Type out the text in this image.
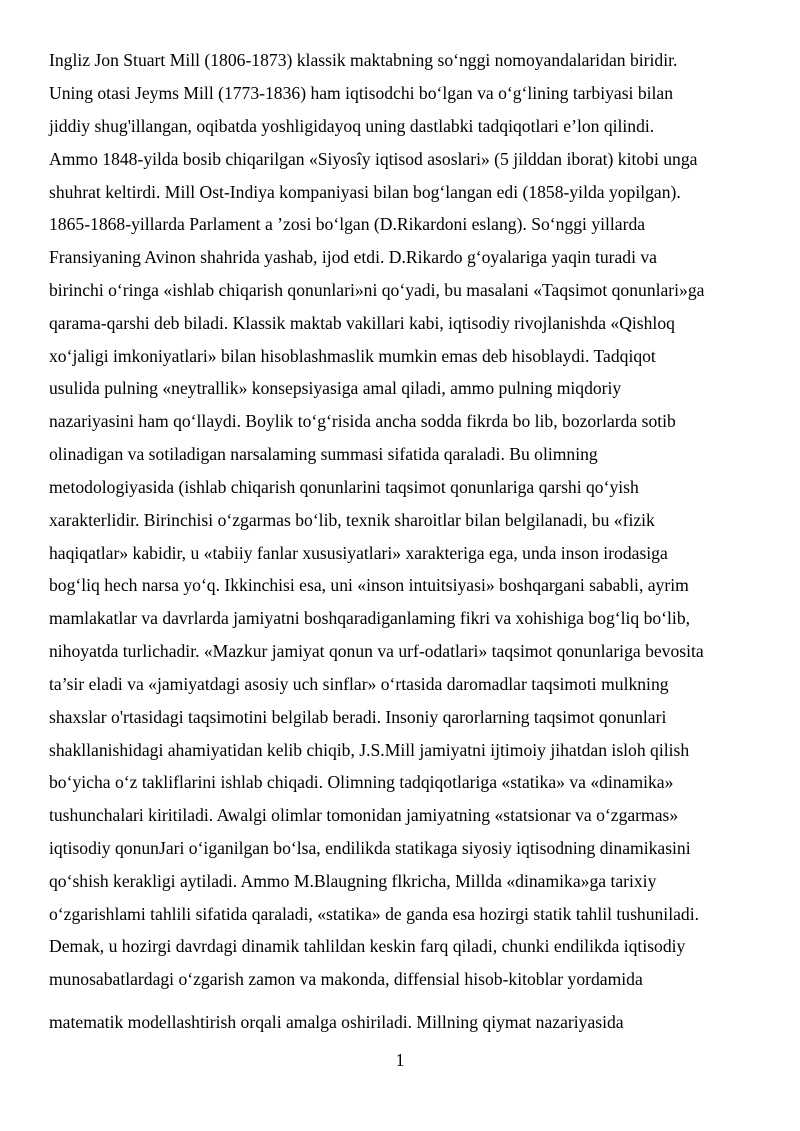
Ingliz Jon Stuart Mill (1806-1873) klassik maktabning so‘nggi nomoyandalaridan biridir.
Uning otasi Jeyms Mill (1773-1836) ham iqtisodchi bo‘lgan va o‘g‘lining tarbiyasi bilan
jiddiy shug'illangan, oqibatda yoshligidayoq uning dastlabki tadqiqotlari e’lon qilindi.
Ammo 1848-yilda bosib chiqarilgan «Siyosîy iqtisod asoslari» (5 jilddan iborat) kitobi unga
shuhrat keltirdi. Mill Ost-Indiya kompaniyasi bilan bog‘langan edi (1858-yilda yopilgan).
1865-1868-yillarda Parlament a ’zosi bo‘lgan (D.Rikardoni eslang). So‘nggi yillarda
Fransiyaning Avinon shahrida yashab, ijod etdi. D.Rikardo g‘oyalariga yaqin turadi va
birinchi o‘ringa «ishlab chiqarish qonunlari»ni qo‘yadi, bu masalani «Taqsimot qonunlari»ga
qarama-qarshi deb biladi. Klassik maktab vakillari kabi, iqtisodiy rivojlanishda «Qishloq
xo‘jaligi imkoniyatlari» bilan hisoblashmaslik mumkin emas deb hisoblaydi. Tadqiqot
usulida pulning «neytrallik» konsepsiyasiga amal qiladi, ammo pulning miqdoriy
nazariyasini ham qo‘llaydi. Boylik to‘g‘risida ancha sodda fikrda bo lib, bozorlarda sotib
olinadigan va sotiladigan narsalaming summasi sifatida qaraladi. Bu olimning
metodologiyasida (ishlab chiqarish qonunlarini taqsimot qonunlariga qarshi qo‘yish
xarakterlidir. Birinchisi o‘zgarmas bo‘lib, texnik sharoitlar bilan belgilanadi, bu «fizik
haqiqatlar» kabidir, u «tabiiy fanlar xususiyatlari» xarakteriga ega, unda inson irodasiga
bog‘liq hech narsa yo‘q. Ikkinchisi esa, uni «inson intuitsiyasi» boshqargani sababli, ayrim
mamlakatlar va davrlarda jamiyatni boshqaradiganlaming fikri va xohishiga bog‘liq bo‘lib,
nihoyatda turlichadir. «Mazkur jamiyat qonun va urf-odatlari» taqsimot qonunlariga bevosita
ta’sir eladi va «jamiyatdagi asosiy uch sinflar» o‘rtasida daromadlar taqsimoti mulkning
shaxslar o'rtasidagi taqsimotini belgilab beradi. Insoniy qarorlarning taqsimot qonunlari
shakllanishidagi ahamiyatidan kelib chiqib, J.S.Mill jamiyatni ijtimoiy jihatdan isloh qilish
bo‘yicha o‘z takliflarini ishlab chiqadi. Olimning tadqiqotlariga «statika» va «dinamika»
tushunchalari kiritiladi. Awalgi olimlar tomonidan jamiyatning «statsionar va o‘zgarmas»
iqtisodiy qonunJari o‘iganilgan bo‘lsa, endilikda statikaga siyosiy iqtisodning dinamikasini
qo‘shish kerakligi aytiladi. Ammo M.Blaugning flkricha, Millda «dinamika»ga tarixiy
o‘zgarishlami tahlili sifatida qaraladi, «statika» de ganda esa hozirgi statik tahlil tushuniladi.
Demak, u hozirgi davrdagi dinamik tahlildan keskin farq qiladi, chunki endilikda iqtisodiy
munosabatlardagi o‘zgarish zamon va makonda, diffensial hisob-kitoblar yordamida
matematik modellashtirish orqali amalga oshiriladi. Millning qiymat nazariyasida
1
